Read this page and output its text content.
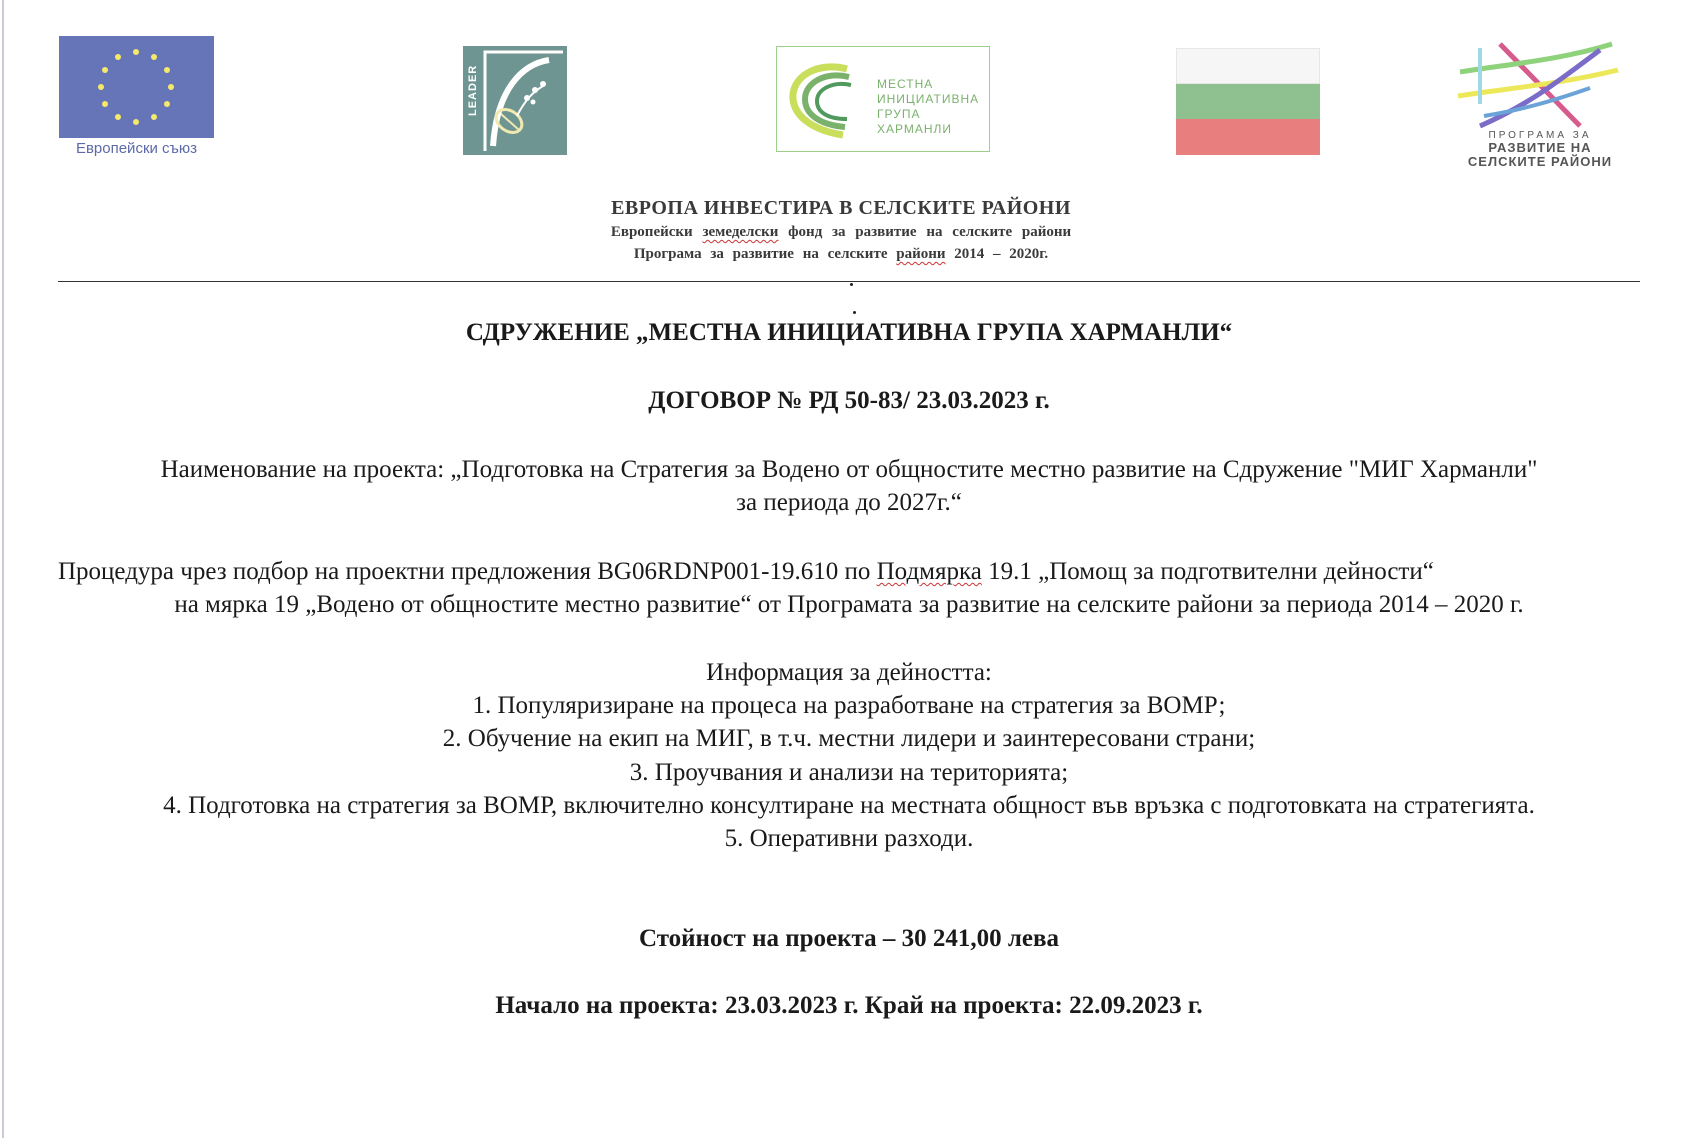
Европейски съюз
LEADER	МЕСТНА
ИНИЦИАТИВНА
ГРУПА
ХАРМАНЛИ	ПРОГРАМА ЗА
РАЗВИТИЕ НА
СЕЛСКИТЕ РАЙОНИ
ЕВРОПА ИНВЕСТИРА В СЕЛСКИТЕ РАЙОНИ
Европейски земеделски фонд за развитие на селските райони
Програма за развитие на селските райони 2014 – 2020г.
СДРУЖЕНИЕ „МЕСТНА ИНИЦИАТИВНА ГРУПА ХАРМАНЛИ“
ДОГОВОР № РД 50-83/ 23.03.2023 г.
Наименование на проекта: „Подготовка на Стратегия за Водено от общностите местно развитие на Сдружение "МИГ Харманли"
за периода до 2027г.“
Процедура чрез подбор на проектни предложения BG06RDNP001-19.610 по Подмярка 19.1 „Помощ за подготвителни дейности“
на мярка 19 „Водено от общностите местно развитие“ от Програмата за развитие на селските райони за периода 2014 – 2020 г.
Информация за дейността:
1. Популяризиране на процеса на разработване на стратегия за ВОМР;
2. Обучение на екип на МИГ, в т.ч. местни лидери и заинтересовани страни;
3. Проучвания и анализи на територията;
4. Подготовка на стратегия за ВОМР, включително консултиране на местната общност във връзка с подготовката на стратегията.
5. Оперативни разходи.
Стойност на проекта – 30 241,00 лева
Начало на проекта: 23.03.2023 г. Край на проекта: 22.09.2023 г.
